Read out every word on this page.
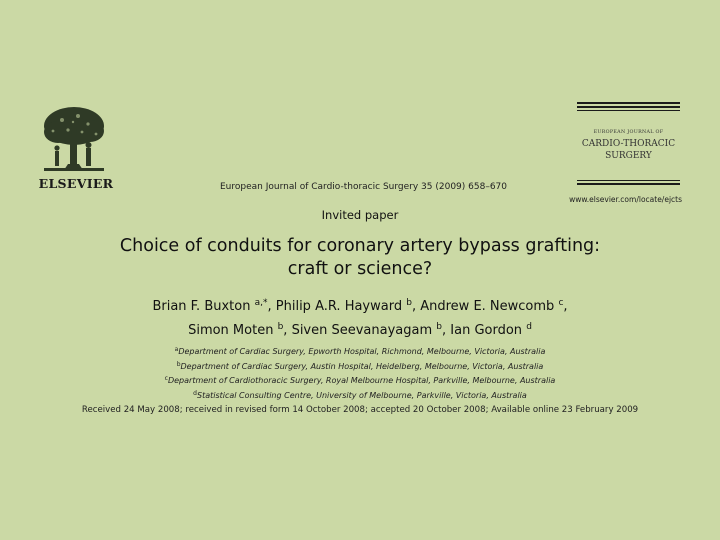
ELSEVIER	European Journal of Cardio-thoracic Surgery 35 (2009) 658–670
EUROPEAN JOURNAL OF
CARDIO-THORACIC
SURGERY
www.elsevier.com/locate/ejcts
Invited paper
Choice of conduits for coronary artery bypass grafting:
craft or science?
Brian F. Buxton $^{a,*}$, Philip A.R. Hayward $^b$, Andrew E. Newcomb $^c$,
Simon Moten $^b$, Siven Seevanayagam $^b$, Ian Gordon $^d$
$^a$Department of Cardiac Surgery, Epworth Hospital, Richmond, Melbourne, Victoria, Australia
$^b$Department of Cardiac Surgery, Austin Hospital, Heidelberg, Melbourne, Victoria, Australia
$^c$Department of Cardiothoracic Surgery, Royal Melbourne Hospital, Parkville, Melbourne, Australia
$^d$Statistical Consulting Centre, University of Melbourne, Parkville, Victoria, Australia
Received 24 May 2008; received in revised form 14 October 2008; accepted 20 October 2008; Available online 23 February 2009
